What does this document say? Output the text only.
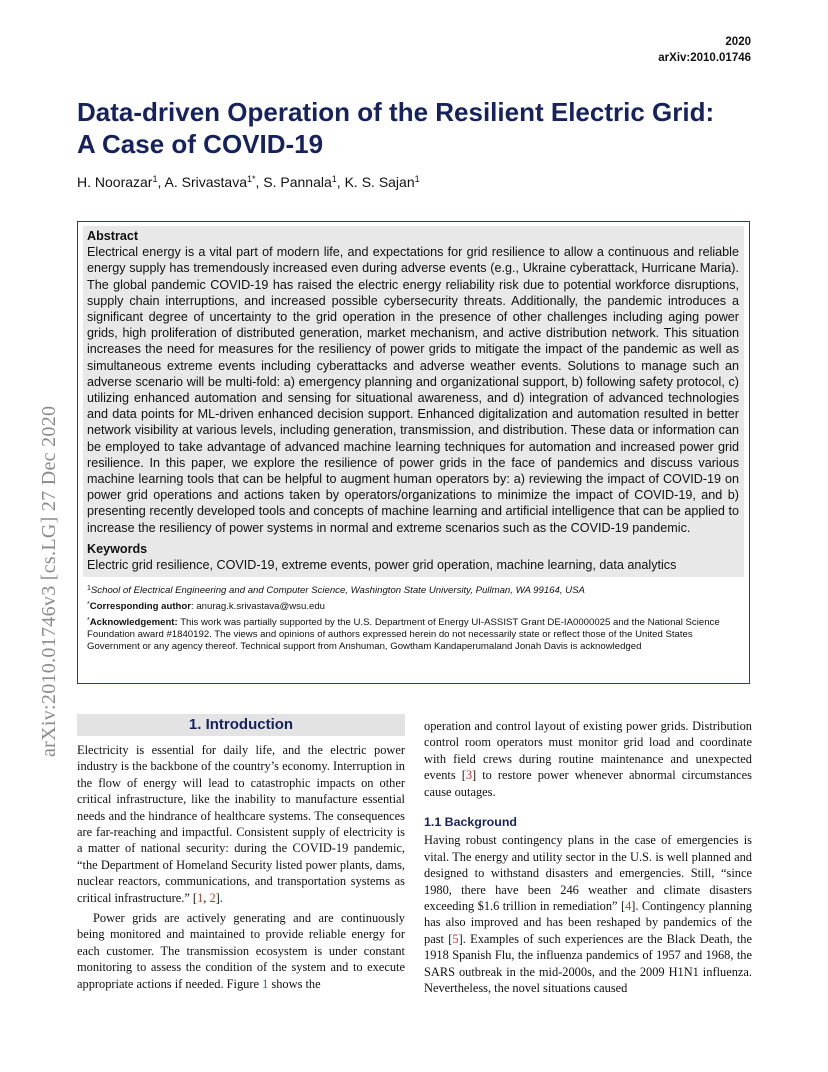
2020
arXiv:2010.01746
arXiv:2010.01746v3 [cs.LG] 27 Dec 2020
Data-driven Operation of the Resilient Electric Grid:
A Case of COVID-19
H. Noorazar$^1$, A. Srivastava$^{1*}$, S. Pannala$^1$, K. S. Sajan$^1$
Abstract
Electrical energy is a vital part of modern life, and expectations for grid resilience to allow a continuous and reliable energy supply has tremendously increased even during adverse events (e.g., Ukraine cyberattack, Hurricane Maria). The global pandemic COVID-19 has raised the electric energy reliability risk due to potential workforce disruptions, supply chain interruptions, and increased possible cybersecurity threats. Additionally, the pandemic introduces a significant degree of uncertainty to the grid operation in the presence of other challenges including aging power grids, high proliferation of distributed generation, market mechanism, and active distribution network. This situation increases the need for measures for the resiliency of power grids to mitigate the impact of the pandemic as well as simultaneous extreme events including cyberattacks and adverse weather events. Solutions to manage such an adverse scenario will be multi-fold: a) emergency planning and organizational support, b) following safety protocol, c) utilizing enhanced automation and sensing for situational awareness, and d) integration of advanced technologies and data points for ML-driven enhanced decision support. Enhanced digitalization and automation resulted in better network visibility at various levels, including generation, transmission, and distribution. These data or information can be employed to take advantage of advanced machine learning techniques for automation and increased power grid resilience. In this paper, we explore the resilience of power grids in the face of pandemics and discuss various machine learning tools that can be helpful to augment human operators by: a) reviewing the impact of COVID-19 on power grid operations and actions taken by operators/organizations to minimize the impact of COVID-19, and b) presenting recently developed tools and concepts of machine learning and artificial intelligence that can be applied to increase the resiliency of power systems in normal and extreme scenarios such as the COVID-19 pandemic.
Keywords
Electric grid resilience, COVID-19, extreme events, power grid operation, machine learning, data analytics

$^1$School of Electrical Engineering and and Computer Science, Washington State University, Pullman, WA 99164, USA

*Corresponding author: anurag.k.srivastava@wsu.edu

*Acknowledgement: This work was partially supported by the U.S. Department of Energy UI-ASSIST Grant DE-IA0000025 and the National Science Foundation award #1840192. The views and opinions of authors expressed herein do not necessarily state or reflect those of the United States Government or any agency thereof. Technical support from Anshuman, Gowtham Kandaperumaland Jonah Davis is acknowledged

1. Introduction

Electricity is essential for daily life, and the electric power industry is the backbone of the country’s economy. Interruption in the flow of energy will lead to catastrophic impacts on other critical infrastructure, like the inability to manufacture essential needs and the hindrance of healthcare systems. The consequences are far-reaching and impactful. Consistent supply of electricity is a matter of national security: during the COVID-19 pandemic, “the Department of Homeland Security listed power plants, dams, nuclear reactors, communications, and transportation systems as critical infrastructure.” [1, 2].

Power grids are actively generating and are continuously being monitored and maintained to provide reliable energy for each customer. The transmission ecosystem is under constant monitoring to assess the condition of the system and to execute appropriate actions if needed. Figure 1 shows the

operation and control layout of existing power grids. Distribution control room operators must monitor grid load and coordinate with field crews during routine maintenance and unexpected events [3] to restore power whenever abnormal circumstances cause outages.

1.1 Background

Having robust contingency plans in the case of emergencies is vital. The energy and utility sector in the U.S. is well planned and designed to withstand disasters and emergencies. Still, “since 1980, there have been 246 weather and climate disasters exceeding $1.6 trillion in remediation” [4]. Contingency planning has also improved and has been reshaped by pandemics of the past [5]. Examples of such experiences are the Black Death, the 1918 Spanish Flu, the influenza pandemics of 1957 and 1968, the SARS outbreak in the mid-2000s, and the 2009 H1N1 influenza. Nevertheless, the novel situations caused
